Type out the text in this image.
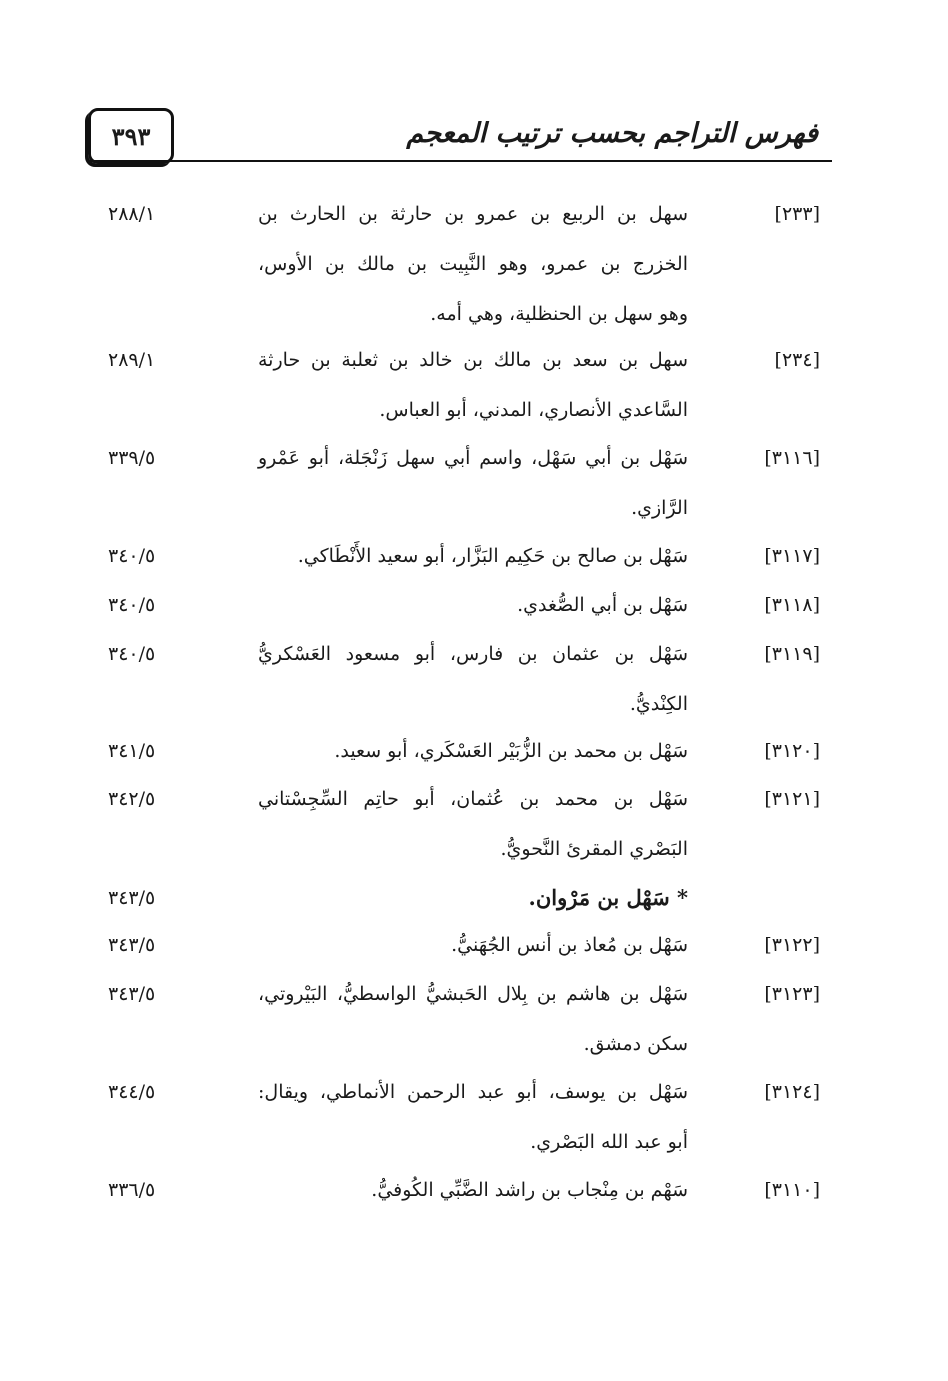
٣٩٣	فهرس التراجم بحسب ترتيب المعجم
[٢٣٣]
سهل بن الربيع بن عمرو بن حارثة بن الحارث بن
الخزرج بن عمرو، وهو النَّبِيت بن مالك بن الأوس،
وهو سهل بن الحنظلية، وهي أمه.
٢٨٨/١
[٢٣٤]
سهل بن سعد بن مالك بن خالد بن ثعلبة بن حارثة
السَّاعدي الأنصاري، المدني، أبو العباس.
٢٨٩/١
[٣١١٦]
سَهْل بن أبي سَهْل، واسم أبي سهل زَنْجَلة، أبو عَمْرو
الرَّازي.
٣٣٩/٥
[٣١١٧]
سَهْل بن صالح بن حَكِيم البَزَّار، أبو سعيد الأَنْطَاكي.
٣٤٠/٥
[٣١١٨]
سَهْل بن أبي الصُّغدي.
٣٤٠/٥
[٣١١٩]
سَهْل بن عثمان بن فارس، أبو مسعود العَسْكريُّ
الكِنْديُّ.
٣٤٠/٥
[٣١٢٠]
سَهْل بن محمد بن الزُّبَيْر العَسْكَري، أبو سعيد.
٣٤١/٥
[٣١٢١]
سَهْل بن محمد بن عُثمان، أبو حاتِم السِّجِسْتاني
البَصْري المقرئ النَّحويُّ.
٣٤٢/٥
* سَهْل بن مَرْوان.
٣٤٣/٥
[٣١٢٢]
سَهْل بن مُعاذ بن أنس الجُهَنيُّ.
٣٤٣/٥
[٣١٢٣]
سَهْل بن هاشم بن بِلال الحَبشيُّ الواسطيُّ، البَيْروتي،
سكن دمشق.
٣٤٣/٥
[٣١٢٤]
سَهْل بن يوسف، أبو عبد الرحمن الأنماطي، ويقال:
أبو عبد الله البَصْري.
٣٤٤/٥
[٣١١٠]
سَهْم بن مِنْجاب بن راشد الضَّبِّي الكُوفيُّ.
٣٣٦/٥
